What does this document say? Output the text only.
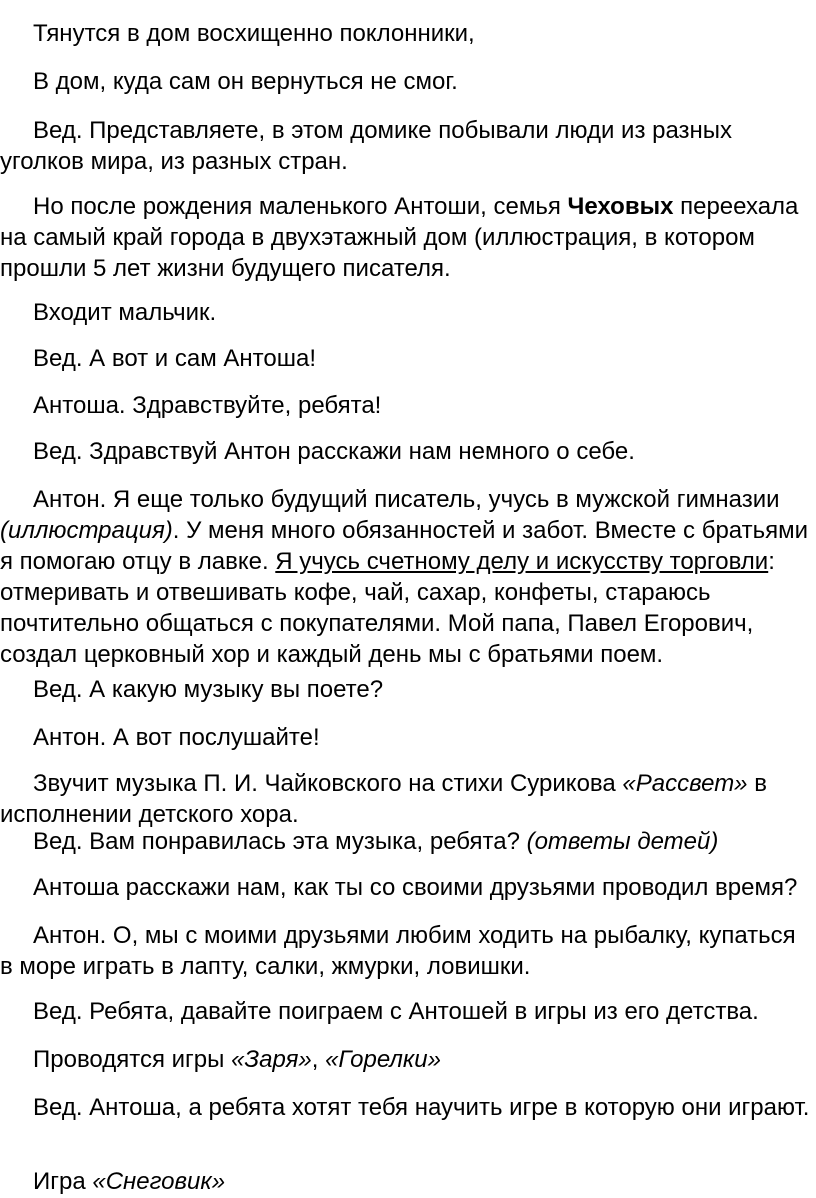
Тянутся в дом восхищенно поклонники,

В дом, куда сам он вернуться не смог.

Вед. Представляете, в этом домике побывали люди из разных уголков мира, из разных стран.

Но после рождения маленького Антоши, семья Чеховых переехала на самый край города в двухэтажный дом (иллюстрация, в котором прошли 5 лет жизни будущего писателя.

Входит мальчик.

Вед. А вот и сам Антоша!

Антоша. Здравствуйте, ребята!

Вед. Здравствуй Антон расскажи нам немного о себе.

Антон. Я еще только будущий писатель, учусь в мужской гимназии (иллюстрация). У меня много обязанностей и забот. Вместе с братьями я помогаю отцу в лавке. Я учусь счетному делу и искусству торговли: отмеривать и отвешивать кофе, чай, сахар, конфеты, стараюсь почтительно общаться с покупателями. Мой папа, Павел Егорович, создал церковный хор и каждый день мы с братьями поем.

Вед. А какую музыку вы поете?

Антон. А вот послушайте!

Звучит музыка П. И. Чайковского на стихи Сурикова «Рассвет» в исполнении детского хора.

Вед. Вам понравилась эта музыка, ребята? (ответы детей)

Антоша расскажи нам, как ты со своими друзьями проводил время?

Антон. О, мы с моими друзьями любим ходить на рыбалку, купаться в море играть в лапту, салки, жмурки, ловишки.

Вед. Ребята, давайте поиграем с Антошей в игры из его детства.

Проводятся игры «Заря», «Горелки»

Вед. Антоша, а ребята хотят тебя научить игре в которую они играют.

Игра «Снеговик»
